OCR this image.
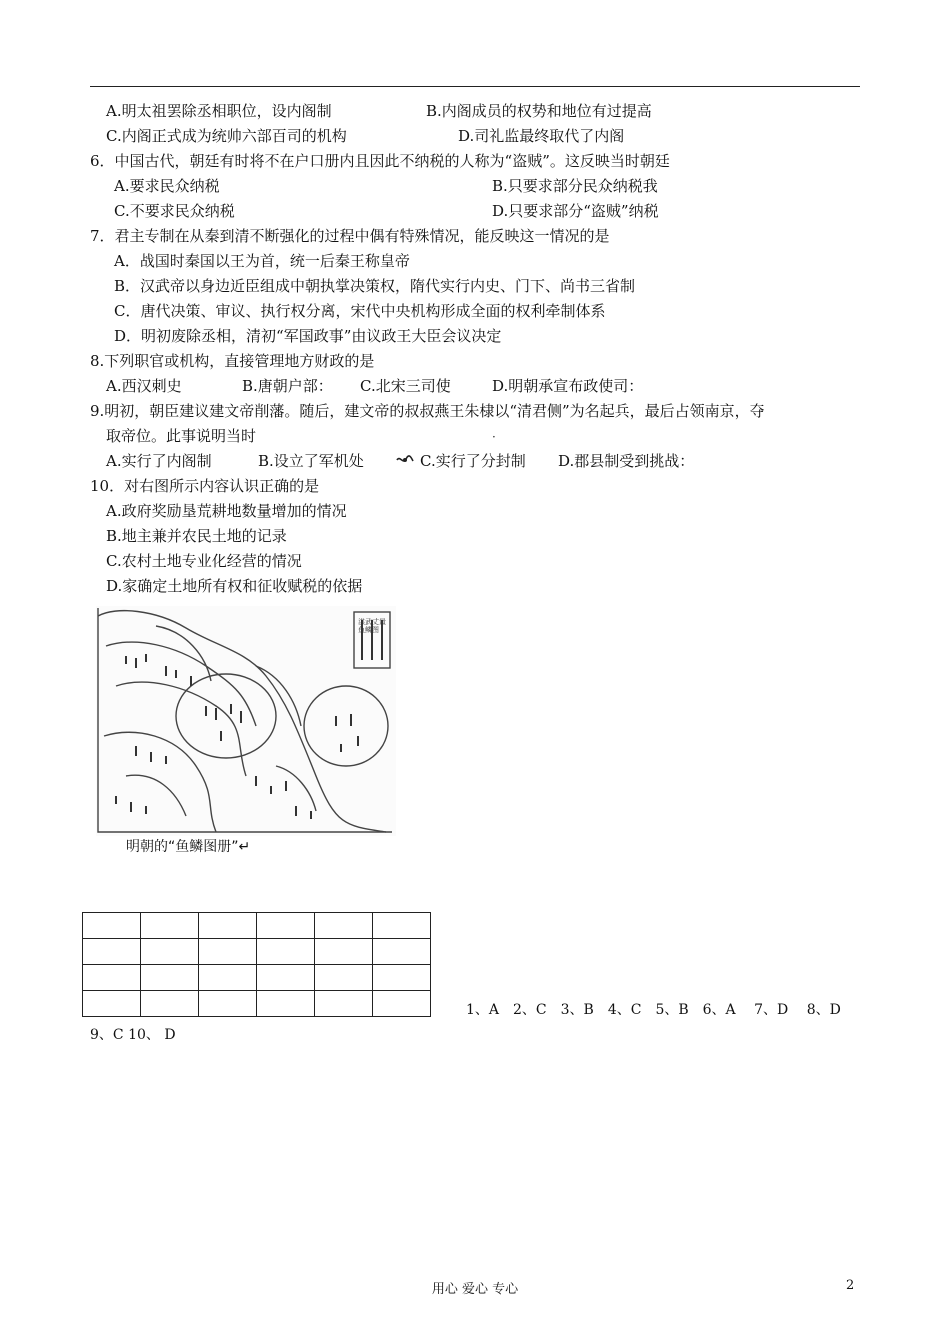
A.明太祖罢除丞相职位，设内阁制	B.内阁成员的权势和地位有过提高
C.内阁正式成为统帅六部百司的机构	D.司礼监最终取代了内阁
6．中国古代，朝廷有时将不在户口册内且因此不纳税的人称为“盗贼”。这反映当时朝廷
A.要求民众纳税	B.只要求部分民众纳税我
C.不要求民众纳税	D.只要求部分“盗贼”纳税
7．君主专制在从秦到清不断强化的过程中偶有特殊情况，能反映这一情况的是
A．战国时秦国以王为首，统一后秦王称皇帝
B．汉武帝以身边近臣组成中朝执掌决策权，隋代实行内史、门下、尚书三省制
C．唐代决策、审议、执行权分离，宋代中央机构形成全面的权利牵制体系
D．明初废除丞相，清初“军国政事”由议政王大臣会议决定
8.下列职官或机构，直接管理地方财政的是
A.西汉刺史	B.唐朝户部： C.北宋三司使	D.明朝承宣布政使司：
9.明初，朝臣建议建文帝削藩。随后，建文帝的叔叔燕王朱棣以“清君侧”为名起兵，最后占领南京，夺
取帝位。此事说明当时	·
A.实行了内阁制	B.设立了军机处	C.实行了分封制 D.郡县制受到挑战：
10．对右图所示内容认识正确的是
A.政府奖励垦荒耕地数量增加的情况
B.地主兼并农民土地的记录
C.农村土地专业化经营的情况
D.家确定土地所有权和征收赋税的依据
洪武丈量鱼鳞图
明朝的“鱼鳞图册”↵

1、A　2、C　3、B　4、C　5、B　6、A　 7、D　 8、D
9、C 10、 D
用心 爱心 专心	2
